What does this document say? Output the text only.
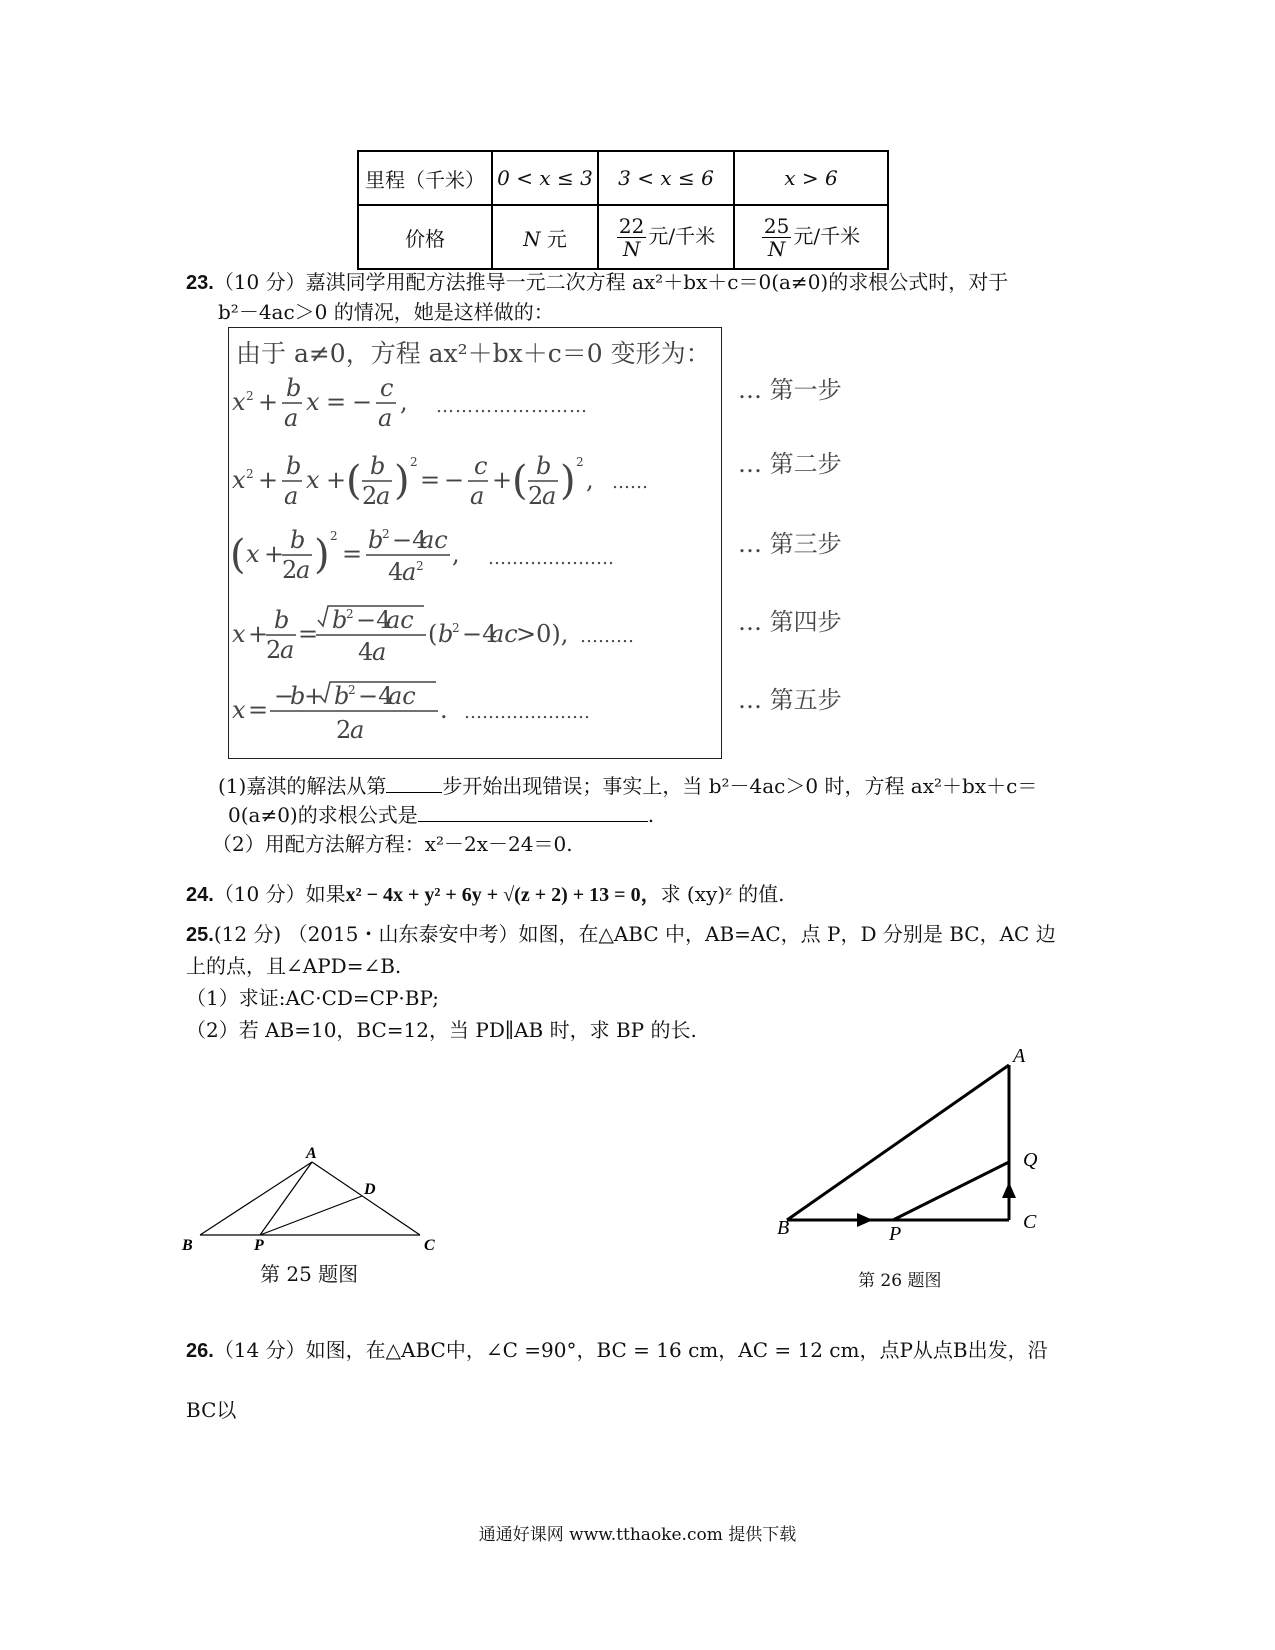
里程（千米）	0 < x ≤ 3	3 < x ≤ 6	x > 6
价格	N 元	$\frac{22}{N}$ 元/千米	$\frac{25}{N}$ 元/千米
23.（10 分）嘉淇同学用配方法推导一元二次方程 ax²＋bx＋c＝0(a≠0)的求根公式时，对于
b²－4ac＞0 的情况，她是这样做的：
由于 a≠0，方程 ax²＋bx＋c＝0 变形为：
x 2 + b
a
x = − c
a
, ……………………
x 2 + b
a
x + ( b
2
a ) 2
= − c
a
+ ( b
2
a ) 2
, ……
( x + b
2
a ) 2
= b
2 −4
ac
4
a 2 , …………………
x + b
2
a
= b
2 −4
ac
4
a
( b
2 −4
ac
>0), ………
x = −
b
+ b
2 −4
ac
2
a
. …………………
… 第一步
… 第二步
… 第三步
… 第四步
… 第五步
(1)嘉淇的解法从第	步开始出现错误；事实上，当 b²－4ac＞0 时，方程 ax²＋bx＋c＝
0(a≠0)的求根公式是	.
（2）用配方法解方程：x²－2x－24＝0.
24.（10 分）如果x² − 4x + y² + 6y + √(z + 2) + 13 = 0，求 (xy)ᶻ 的值.
25.(12 分) （2015・山东泰安中考）如图，在△ABC 中，AB=AC，点 P，D 分别是 BC，AC 边
上的点，且∠APD=∠B.
（1）求证:AC·CD=CP·BP;
（2）若 AB=10，BC=12，当 PD∥AB 时，求 BP 的长.
A
B	P	C
D
第 25 题图
A
Q
C
B	P
第 26 题图
26.（14 分）如图，在△ABC中，∠C =90°，BC = 16 cm，AC = 12 cm，点P从点B出发，沿
BC以
通通好课网 www.tthaoke.com 提供下载
